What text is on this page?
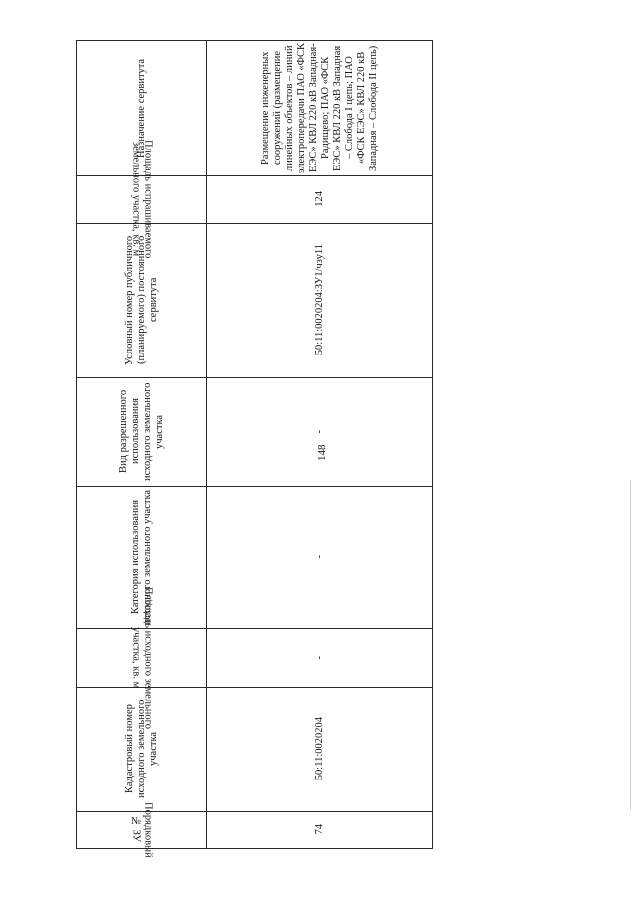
148
Порядковый № ЗУ
Кадастровый номер исходного земельного участка
Площадь исходного земельного участка, кв. м
Категория использования исходного земельного участка
Вид разрешенного использования исходного земельного участка
Условный номер публичного (планируемого) постоянного сервитута
Площадь испрашиваемого земельного участка, кв. м
Назначение сервитута
74
50:11:0020204
-
-
-
50:11:0020204:ЗУ1/чзу11
124
Размещение инженерных сооружений (размещение линейных объектов – линий электропередачи ПАО «ФСК ЕЭС» КВЛ 220 кВ Западная-Радищево; ПАО «ФСК ЕЭС» КВЛ 220 кВ Западная – Слобода I цепь; ПАО «ФСК ЕЭС» КВЛ 220 кВ Западная – Слобода II цепь)
